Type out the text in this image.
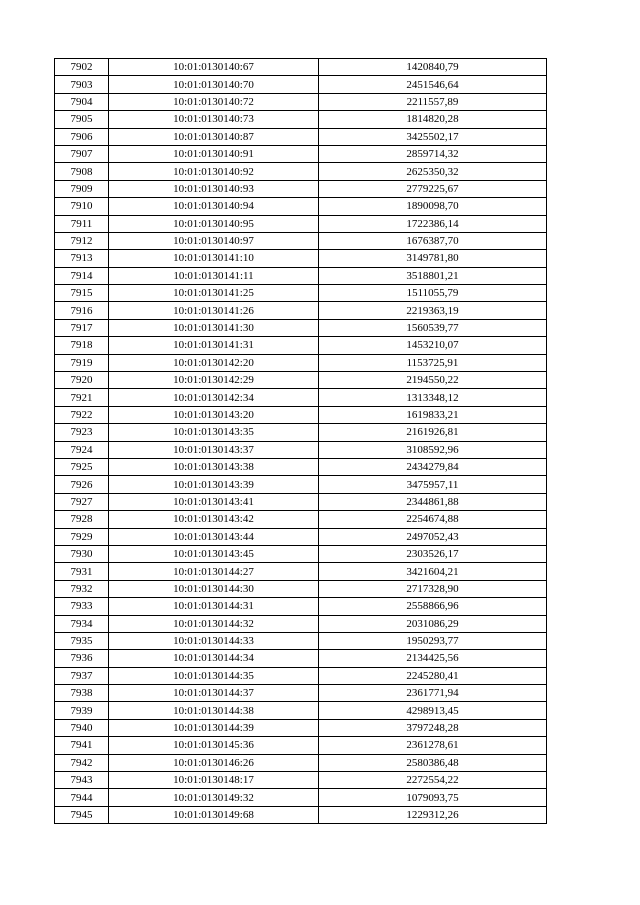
7902	10:01:0130140:67	1420840,79
7903	10:01:0130140:70	2451546,64
7904	10:01:0130140:72	2211557,89
7905	10:01:0130140:73	1814820,28
7906	10:01:0130140:87	3425502,17
7907	10:01:0130140:91	2859714,32
7908	10:01:0130140:92	2625350,32
7909	10:01:0130140:93	2779225,67
7910	10:01:0130140:94	1890098,70
7911	10:01:0130140:95	1722386,14
7912	10:01:0130140:97	1676387,70
7913	10:01:0130141:10	3149781,80
7914	10:01:0130141:11	3518801,21
7915	10:01:0130141:25	1511055,79
7916	10:01:0130141:26	2219363,19
7917	10:01:0130141:30	1560539,77
7918	10:01:0130141:31	1453210,07
7919	10:01:0130142:20	1153725,91
7920	10:01:0130142:29	2194550,22
7921	10:01:0130142:34	1313348,12
7922	10:01:0130143:20	1619833,21
7923	10:01:0130143:35	2161926,81
7924	10:01:0130143:37	3108592,96
7925	10:01:0130143:38	2434279,84
7926	10:01:0130143:39	3475957,11
7927	10:01:0130143:41	2344861,88
7928	10:01:0130143:42	2254674,88
7929	10:01:0130143:44	2497052,43
7930	10:01:0130143:45	2303526,17
7931	10:01:0130144:27	3421604,21
7932	10:01:0130144:30	2717328,90
7933	10:01:0130144:31	2558866,96
7934	10:01:0130144:32	2031086,29
7935	10:01:0130144:33	1950293,77
7936	10:01:0130144:34	2134425,56
7937	10:01:0130144:35	2245280,41
7938	10:01:0130144:37	2361771,94
7939	10:01:0130144:38	4298913,45
7940	10:01:0130144:39	3797248,28
7941	10:01:0130145:36	2361278,61
7942	10:01:0130146:26	2580386,48
7943	10:01:0130148:17	2272554,22
7944	10:01:0130149:32	1079093,75
7945	10:01:0130149:68	1229312,26
